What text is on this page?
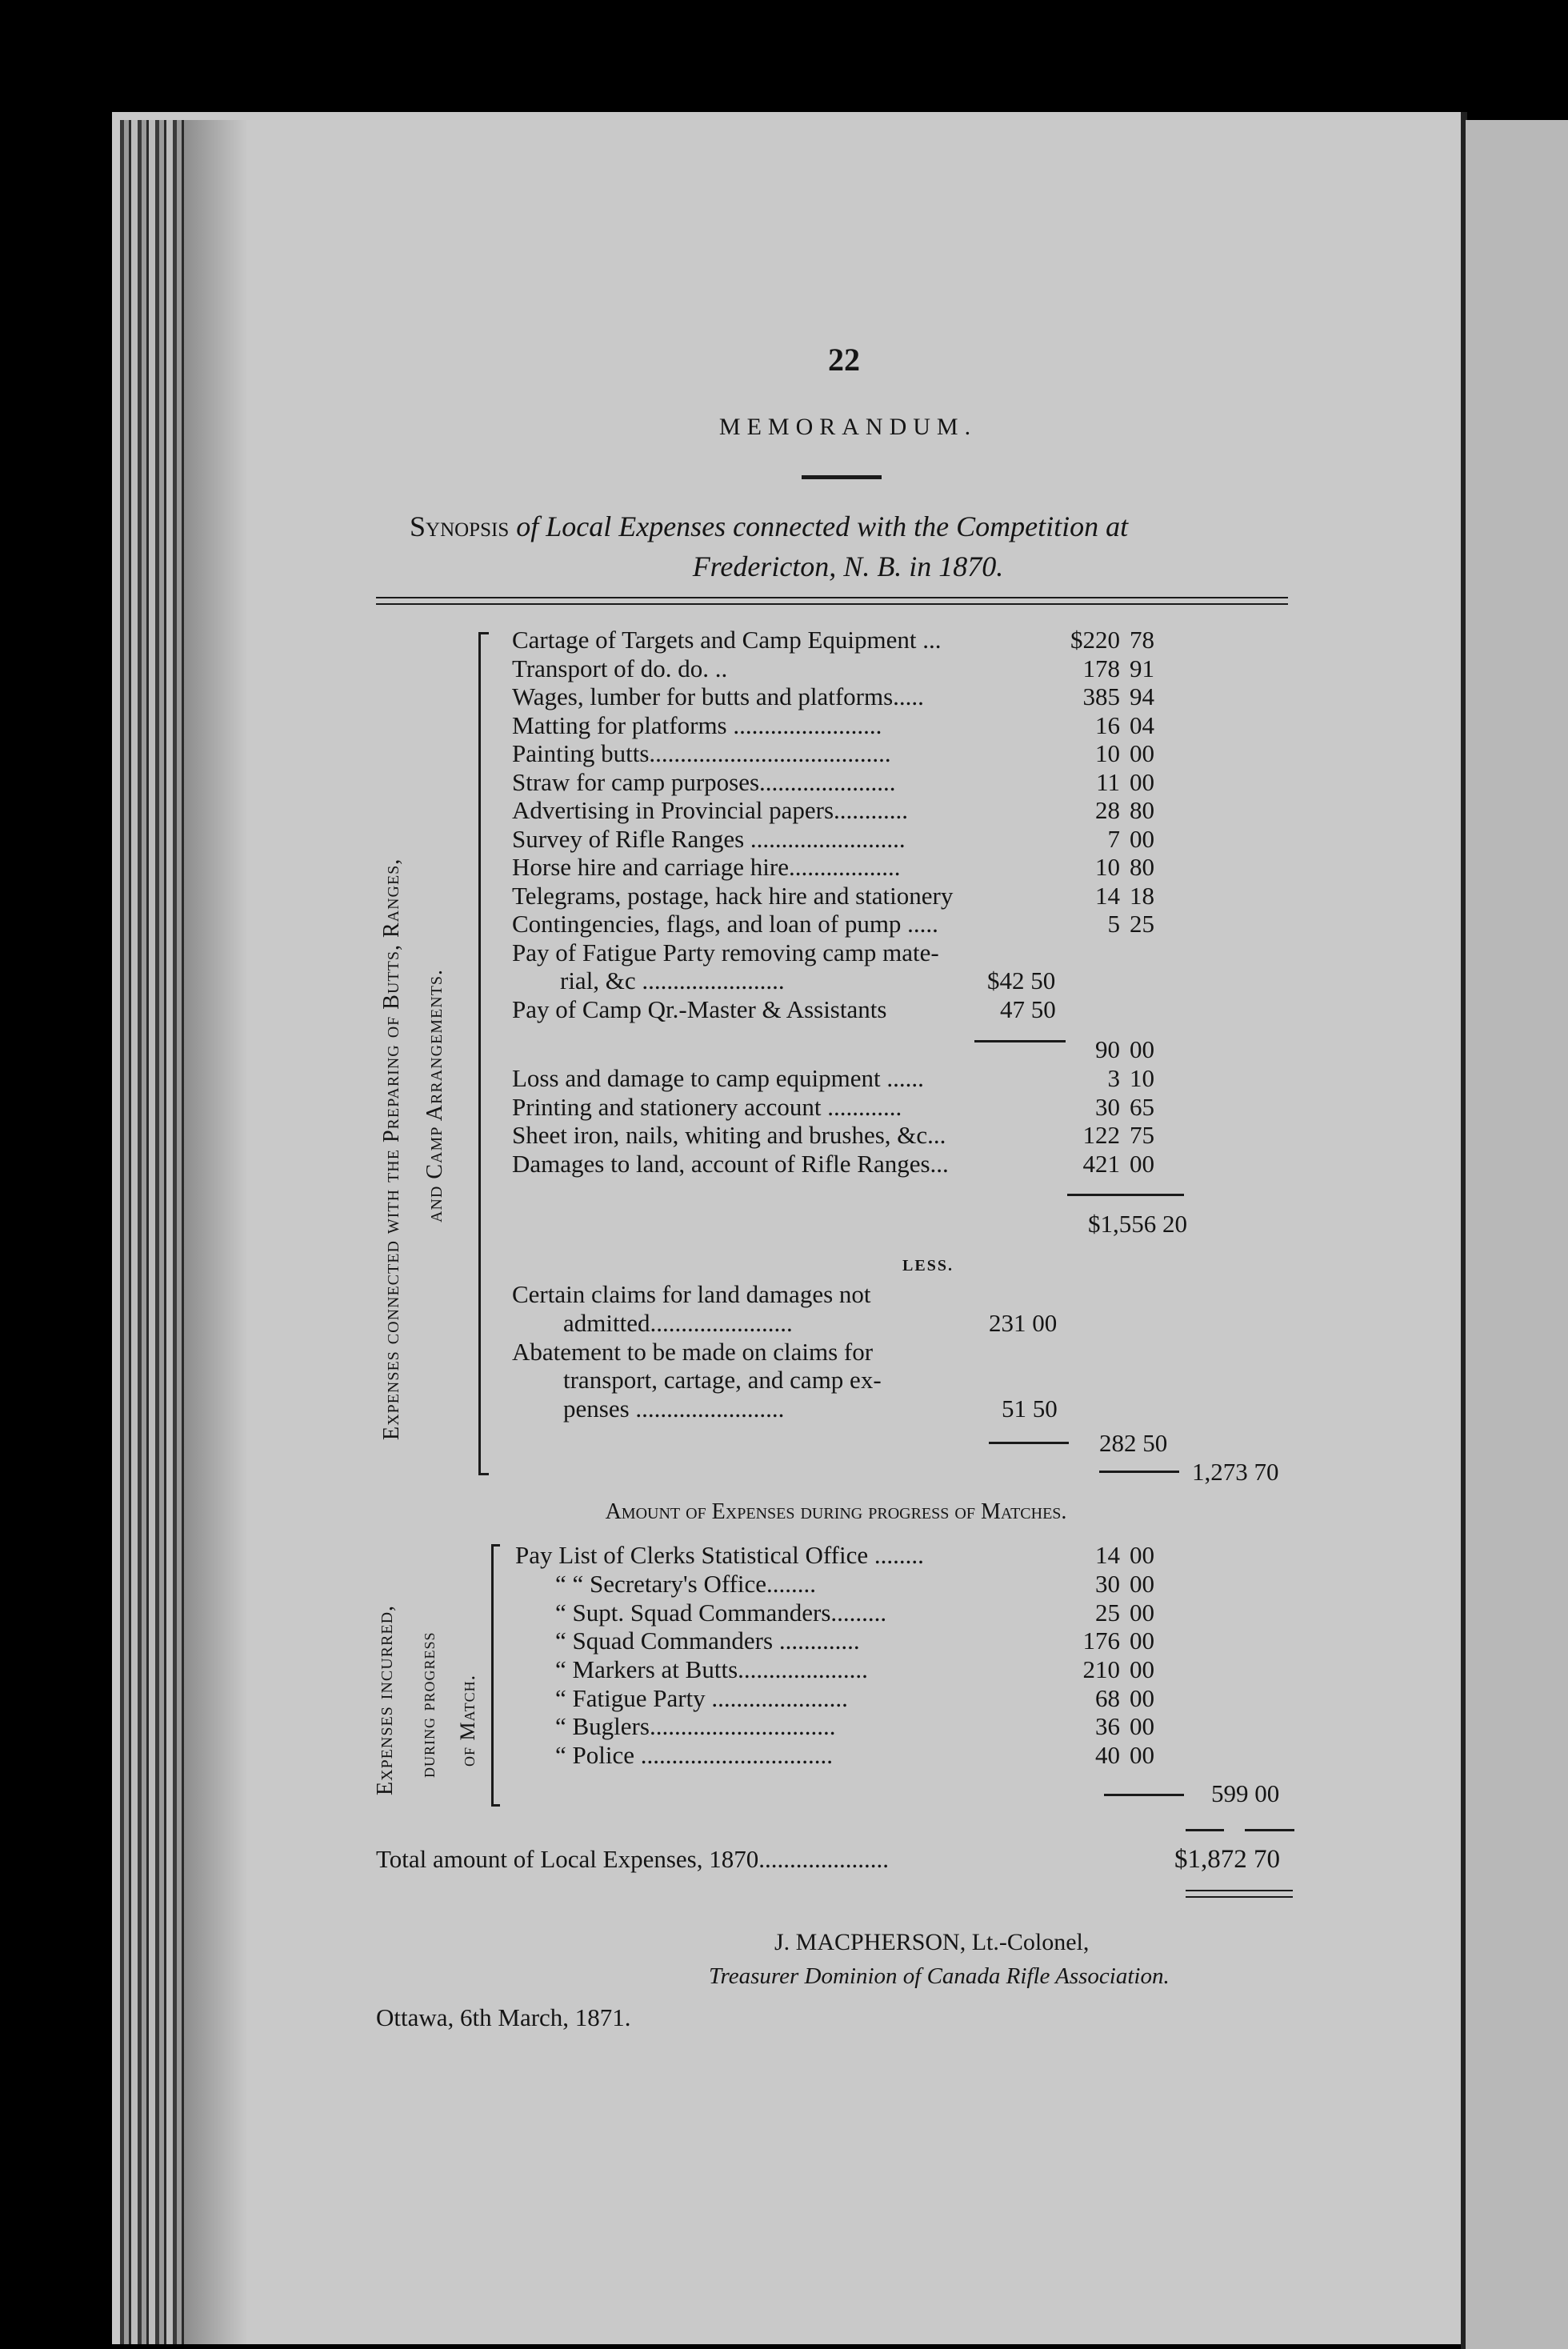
22
MEMORANDUM.
Synopsis of Local Expenses connected with the Competition at
Fredericton, N. B. in 1870.
Expenses connected with the Preparing of Butts, Ranges, and Camp Arrangements.
Cartage of Targets and Camp Equipment ...	$220 78
Transport of do. do. ..	178 91
Wages, lumber for butts and platforms.....	385 94
Matting for platforms ........................	16 04
Painting butts.......................................	10 00
Straw for camp purposes......................	11 00
Advertising in Provincial papers............	28 80
Survey of Rifle Ranges .........................	7 00
Horse hire and carriage hire..................	10 80
Telegrams, postage, hack hire and stationery	14 18
Contingencies, flags, and loan of pump .....	5 25
Pay of Fatigue Party removing camp mate-
rial, &c .......................	$42 50
Pay of Camp Qr.-Master & Assistants	47 50
90 00
Loss and damage to camp equipment ......	3 10
Printing and stationery account ............	30 65
Sheet iron, nails, whiting and brushes, &c...	122 75
Damages to land, account of Rifle Ranges...	421 00
$1,556 20
LESS.
Certain claims for land damages not
admitted.......................	231 00
Abatement to be made on claims for
transport, cartage, and camp ex-
penses ........................	51 50
282 50
1,273 70
Amount of Expenses during progress of Matches.
Expenses incurred, during progress of Match.
Pay List of Clerks Statistical Office ........	14 00
“ “ Secretary's Office........	30 00
“ Supt. Squad Commanders.........	25 00
“ Squad Commanders .............	176 00
“ Markers at Butts.....................	210 00
“ Fatigue Party ......................	68 00
“ Buglers..............................	36 00
“ Police ...............................	40 00
599 00
Total amount of Local Expenses, 1870.....................	$1,872 70
J. MACPHERSON, Lt.-Colonel,
Treasurer Dominion of Canada Rifle Association.
Ottawa, 6th March, 1871.
